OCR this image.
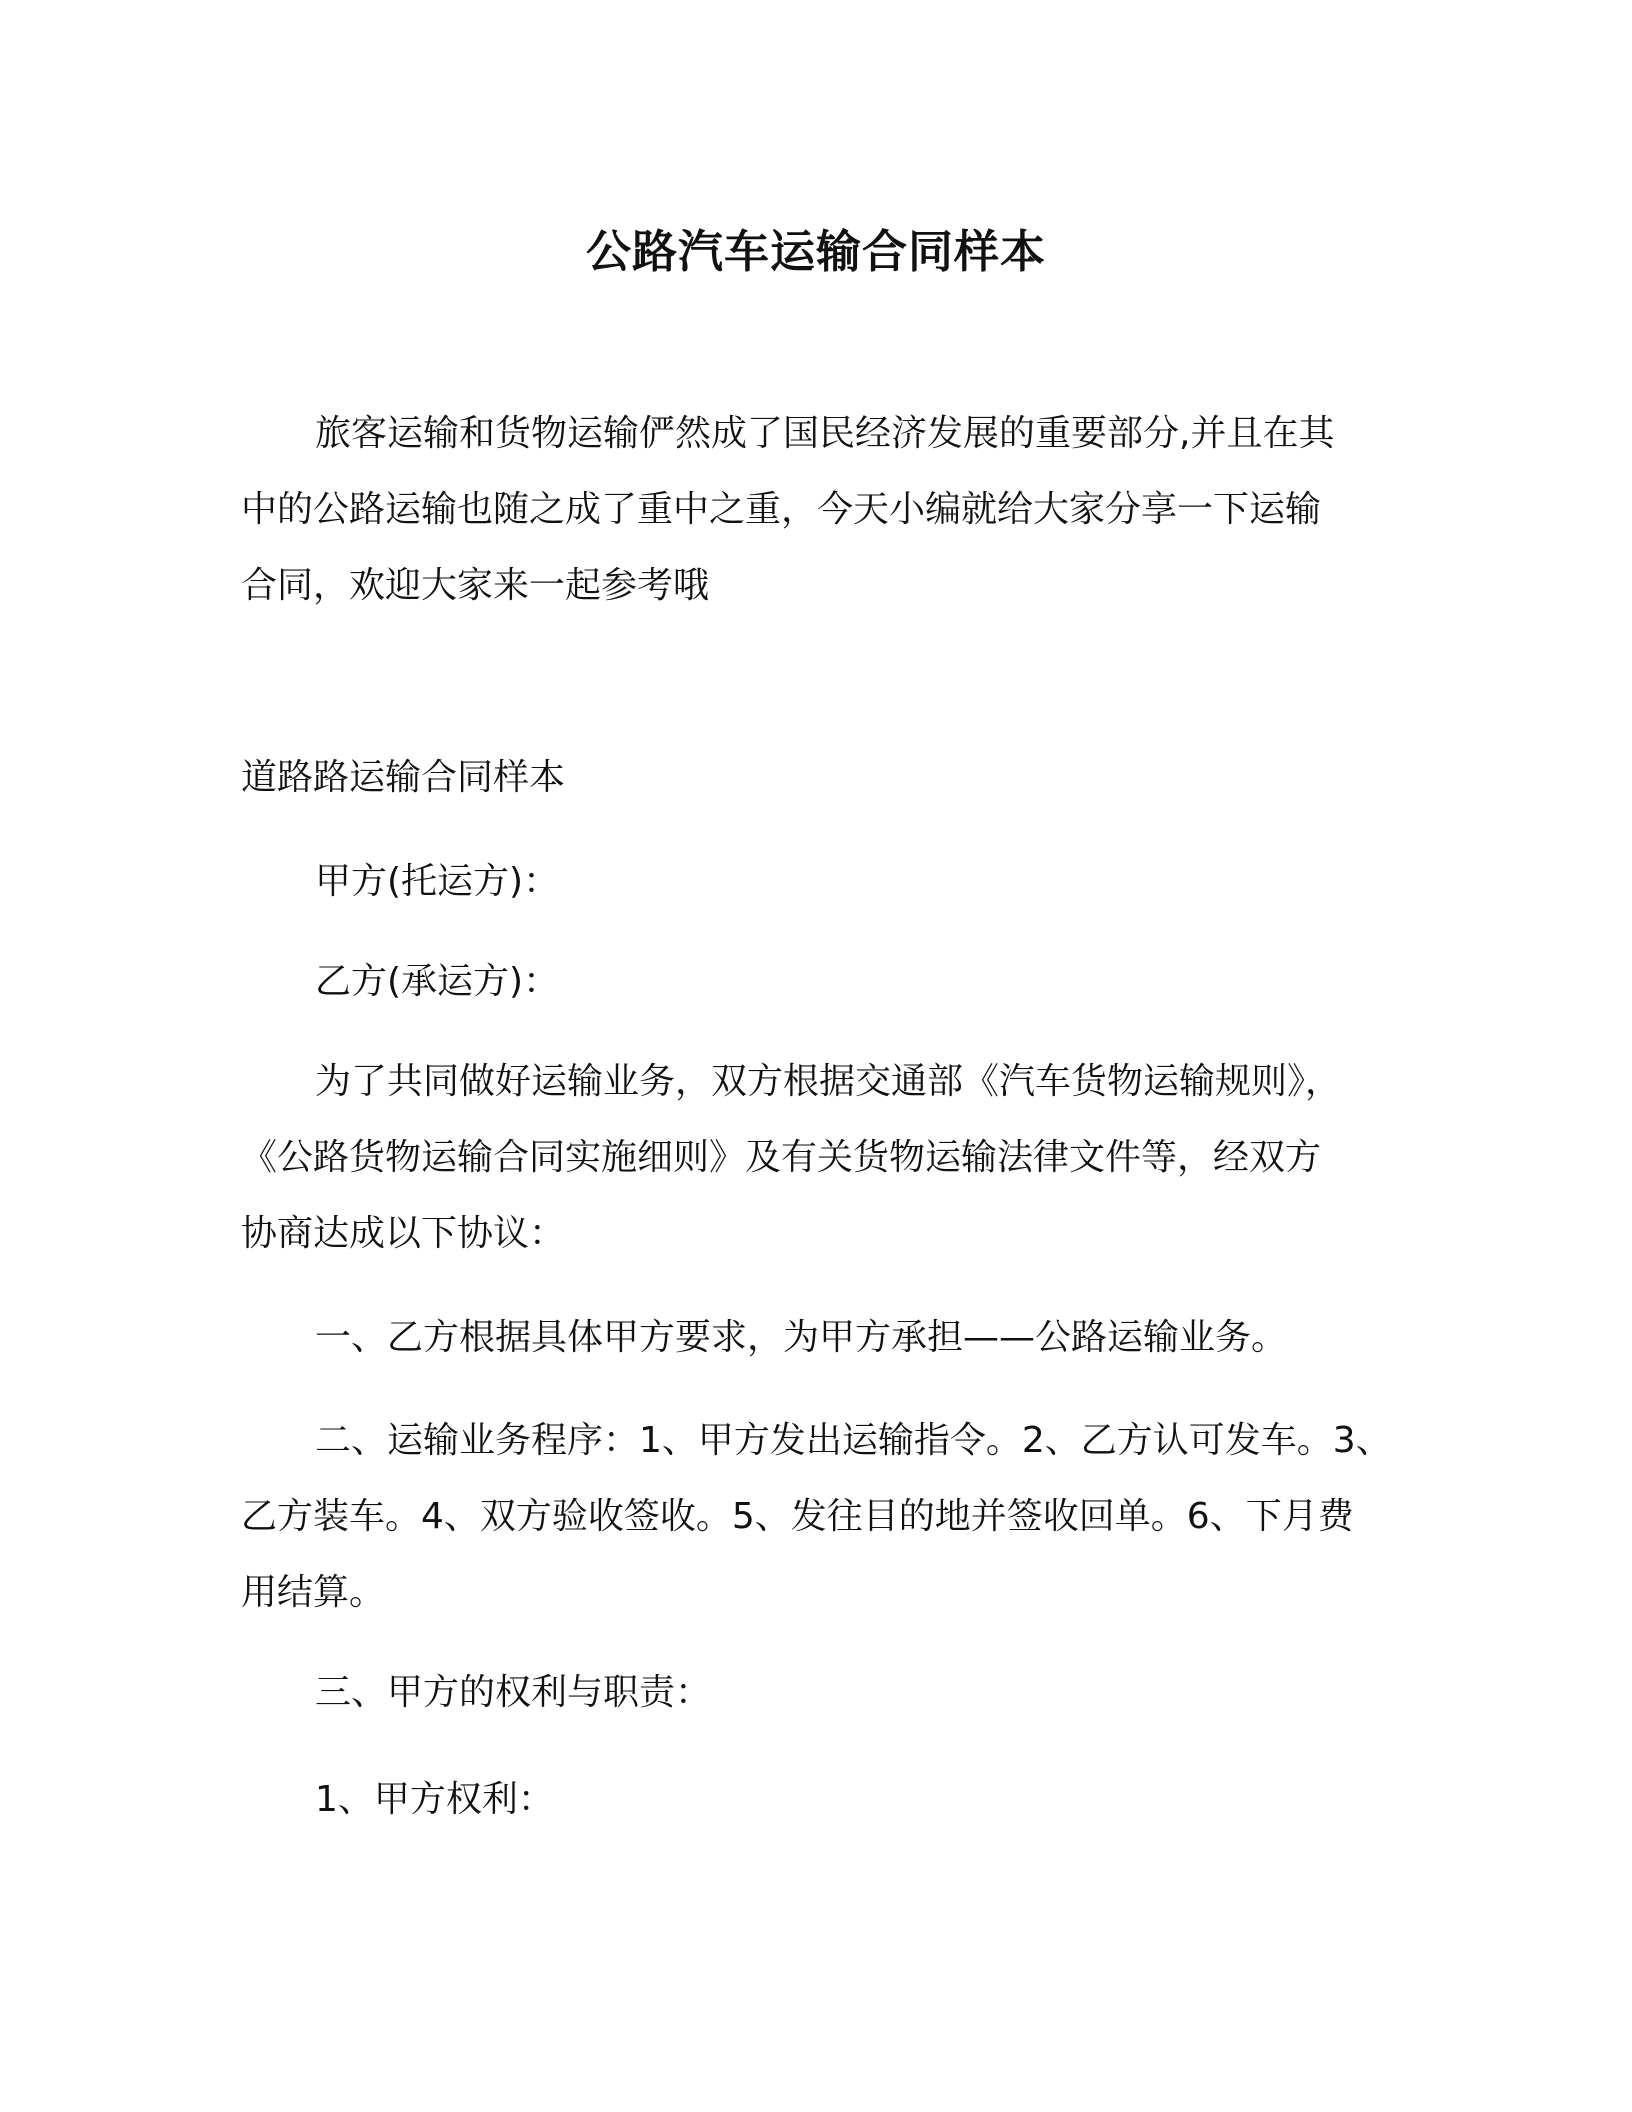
公路汽车运输合同样本
旅客运输和货物运输俨然成了国民经济发展的重要部分,并且在其
中的公路运输也随之成了重中之重，今天小编就给大家分享一下运输
合同，欢迎大家来一起参考哦
道路路运输合同样本
甲方(托运方)：
乙方(承运方)：
为了共同做好运输业务，双方根据交通部《汽车货物运输规则》，
《公路货物运输合同实施细则》及有关货物运输法律文件等，经双方
协商达成以下协议：
一、乙方根据具体甲方要求，为甲方承担——公路运输业务。
二、运输业务程序：1、甲方发出运输指令。2、乙方认可发车。3、
乙方装车。4、双方验收签收。5、发往目的地并签收回单。6、下月费
用结算。
三、甲方的权利与职责：
1、甲方权利：
